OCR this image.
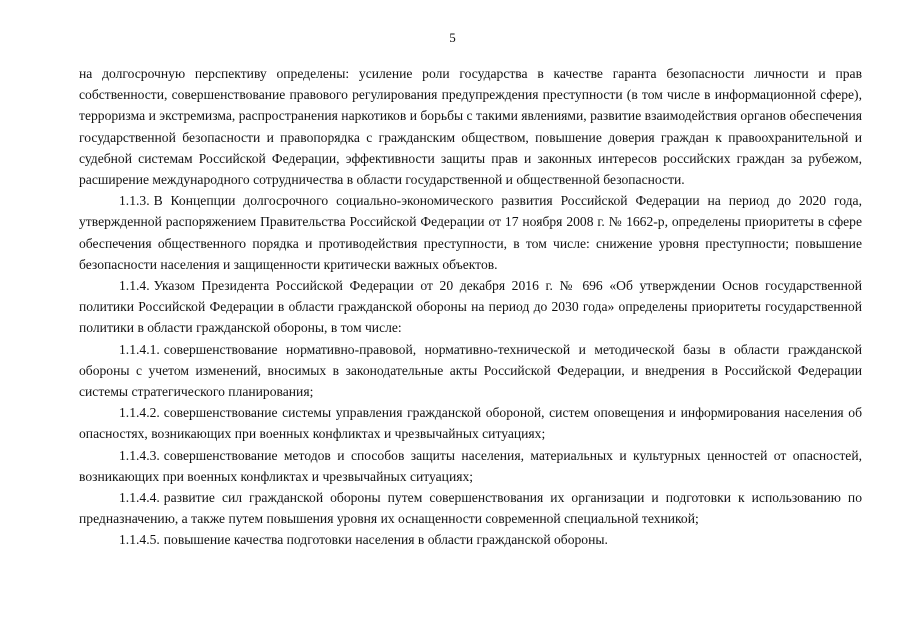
5

на долгосрочную перспективу определены: усиление роли государства в качестве гаранта безопасности личности и прав собственности, совершенствование правового регулирования предупреждения преступности (в том числе в информационной сфере), терроризма и экстремизма, распространения наркотиков и борьбы с такими явлениями, развитие взаимодействия органов обеспечения государственной безопасности и правопорядка с гражданским обществом, повышение доверия граждан к правоохранительной и судебной системам Российской Федерации, эффективности защиты прав и законных интересов российских граждан за рубежом, расширение международного сотрудничества в области государственной и общественной безопасности.

1.1.3. В Концепции долгосрочного социально-экономического развития Российской Федерации на период до 2020 года, утвержденной распоряжением Правительства Российской Федерации от 17 ноября 2008 г. № 1662-р, определены приоритеты в сфере обеспечения общественного порядка и противодействия преступности, в том числе: снижение уровня преступности; повышение безопасности населения и защищенности критически важных объектов.

1.1.4. Указом Президента Российской Федерации от 20 декабря 2016 г. № 696 «Об утверждении Основ государственной политики Российской Федерации в области гражданской обороны на период до 2030 года» определены приоритеты государственной политики в области гражданской обороны, в том числе:

1.1.4.1. совершенствование нормативно-правовой, нормативно-технической и методической базы в области гражданской обороны с учетом изменений, вносимых в законодательные акты Российской Федерации, и внедрения в Российской Федерации системы стратегического планирования;

1.1.4.2. совершенствование системы управления гражданской обороной, систем оповещения и информирования населения об опасностях, возникающих при военных конфликтах и чрезвычайных ситуациях;

1.1.4.3. совершенствование методов и способов защиты населения, материальных и культурных ценностей от опасностей, возникающих при военных конфликтах и чрезвычайных ситуациях;

1.1.4.4. развитие сил гражданской обороны путем совершенствования их организации и подготовки к использованию по предназначению, а также путем повышения уровня их оснащенности современной специальной техникой;

1.1.4.5. повышение качества подготовки населения в области гражданской обороны.
